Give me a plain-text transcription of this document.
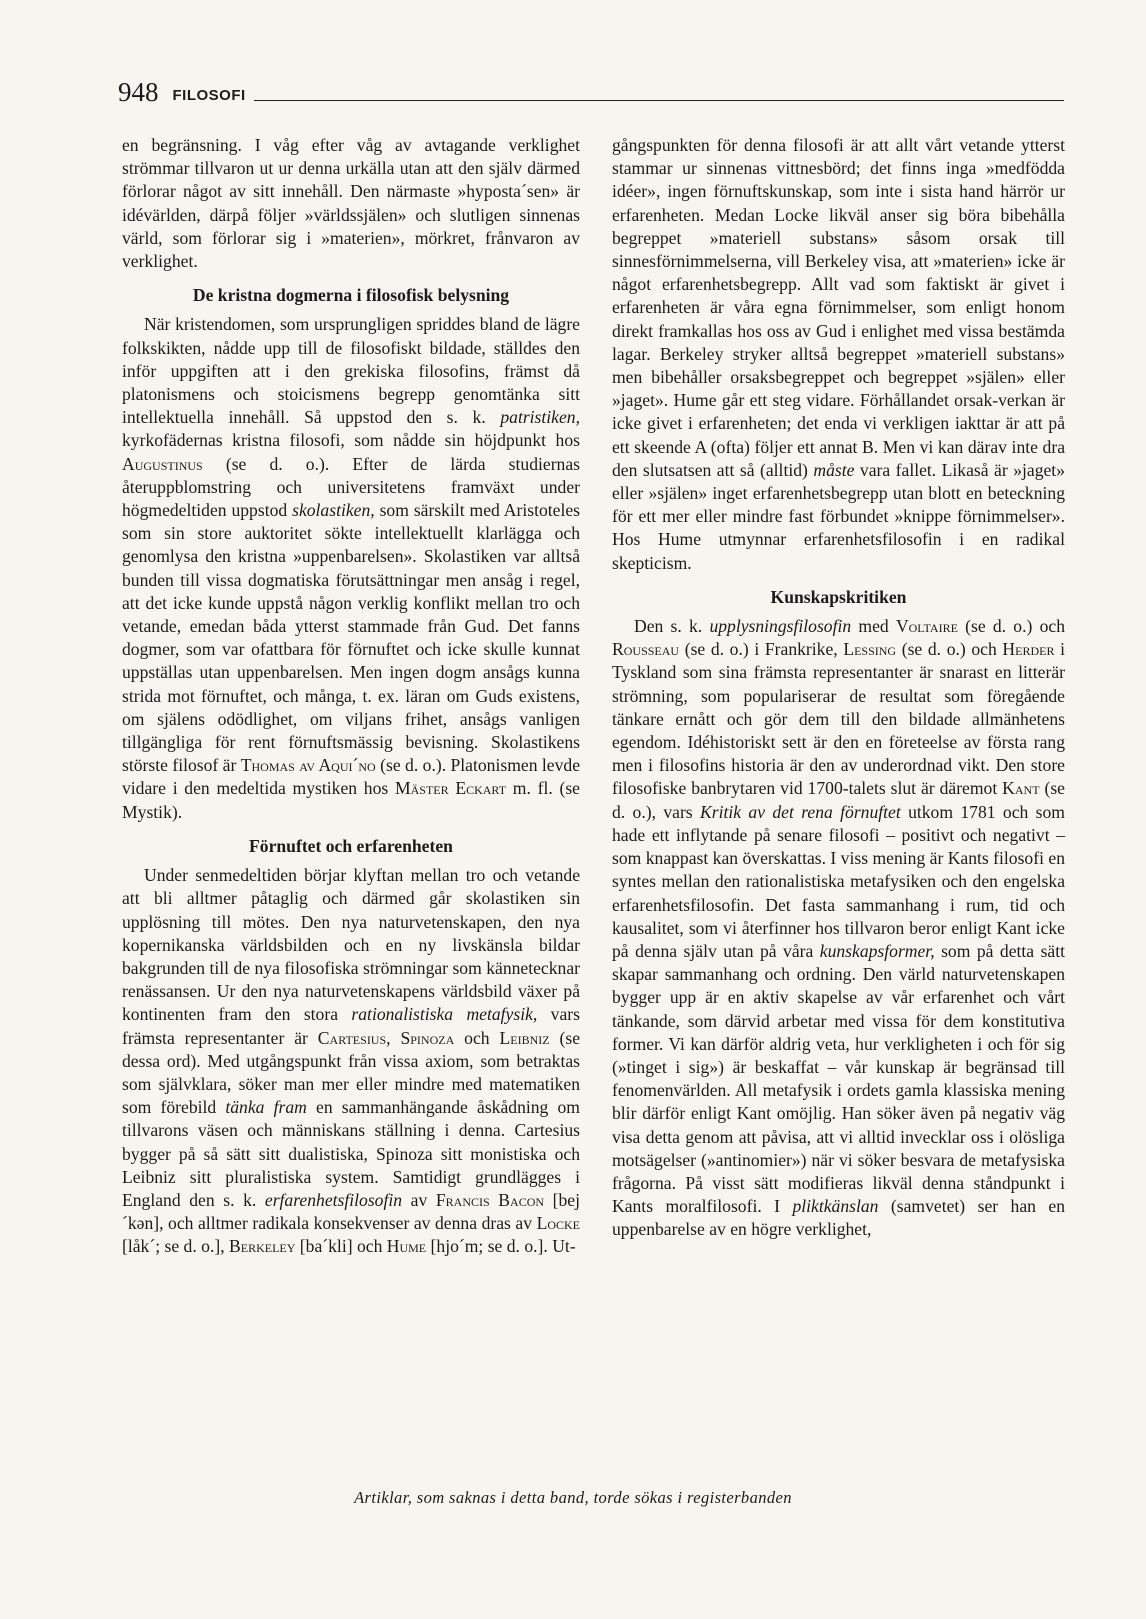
948 FILOSOFI

en begränsning. I våg efter våg av avtagande verklighet strömmar tillvaron ut ur denna urkälla utan att den själv därmed förlorar något av sitt innehåll. Den närmaste »hyposta´sen» är idévärlden, därpå följer »världssjälen» och slutligen sinnenas värld, som förlorar sig i »materien», mörkret, frånvaron av verklighet.

De kristna dogmerna i filosofisk belysning

När kristendomen, som ursprungligen spriddes bland de lägre folkskikten, nådde upp till de filosofiskt bildade, ställdes den inför uppgiften att i den grekiska filosofins, främst då platonismens och stoicismens begrepp genomtänka sitt intellektuella innehåll. Så uppstod den s. k. patristiken, kyrkofädernas kristna filosofi, som nådde sin höjdpunkt hos Augustinus (se d. o.). Efter de lärda studiernas återuppblomstring och universitetens framväxt under högmedeltiden uppstod skolastiken, som särskilt med Aristoteles som sin store auktoritet sökte intellektuellt klarlägga och genomlysa den kristna »uppenbarelsen». Skolastiken var alltså bunden till vissa dogmatiska förutsättningar men ansåg i regel, att det icke kunde uppstå någon verklig konflikt mellan tro och vetande, emedan båda ytterst stammade från Gud. Det fanns dogmer, som var ofattbara för förnuftet och icke skulle kunnat uppställas utan uppenbarelsen. Men ingen dogm ansågs kunna strida mot förnuftet, och många, t. ex. läran om Guds existens, om själens odödlighet, om viljans frihet, ansågs vanligen tillgängliga för rent förnuftsmässig bevisning. Skolastikens störste filosof är Thomas av Aqui´no (se d. o.). Platonismen levde vidare i den medeltida mystiken hos Mäster Eckart m. fl. (se Mystik).

Förnuftet och erfarenheten

Under senmedeltiden börjar klyftan mellan tro och vetande att bli alltmer påtaglig och därmed går skolastiken sin upplösning till mötes. Den nya naturvetenskapen, den nya kopernikanska världsbilden och en ny livskänsla bildar bakgrunden till de nya filosofiska strömningar som kännetecknar renässansen. Ur den nya naturvetenskapens världsbild växer på kontinenten fram den stora rationalistiska metafysik, vars främsta representanter är Cartesius, Spinoza och Leibniz (se dessa ord). Med utgångspunkt från vissa axiom, som betraktas som självklara, söker man mer eller mindre med matematiken som förebild tänka fram en sammanhängande åskådning om tillvarons väsen och människans ställning i denna. Cartesius bygger på så sätt sitt dualistiska, Spinoza sitt monistiska och Leibniz sitt pluralistiska system. Samtidigt grundlägges i England den s. k. erfarenhetsfilosofin av Francis Bacon [bej´kən], och alltmer radikala konsekvenser av denna dras av Locke [låk´; se d. o.], Berkeley [ba´kli] och Hume [hjo´m; se d. o.]. Ut-

gångspunkten för denna filosofi är att allt vårt vetande ytterst stammar ur sinnenas vittnesbörd; det finns inga »medfödda idéer», ingen förnuftskunskap, som inte i sista hand härrör ur erfarenheten. Medan Locke likväl anser sig böra bibehålla begreppet »materiell substans» såsom orsak till sinnesförnimmelserna, vill Berkeley visa, att »materien» icke är något erfarenhetsbegrepp. Allt vad som faktiskt är givet i erfarenheten är våra egna förnimmelser, som enligt honom direkt framkallas hos oss av Gud i enlighet med vissa bestämda lagar. Berkeley stryker alltså begreppet »materiell substans» men bibehåller orsaksbegreppet och begreppet »själen» eller »jaget». Hume går ett steg vidare. Förhållandet orsak-verkan är icke givet i erfarenheten; det enda vi verkligen iakttar är att på ett skeende A (ofta) följer ett annat B. Men vi kan därav inte dra den slutsatsen att så (alltid) måste vara fallet. Likaså är »jaget» eller »själen» inget erfarenhetsbegrepp utan blott en beteckning för ett mer eller mindre fast förbundet »knippe förnimmelser». Hos Hume utmynnar erfarenhetsfilosofin i en radikal skepticism.

Kunskapskritiken

Den s. k. upplysningsfilosofin med Voltaire (se d. o.) och Rousseau (se d. o.) i Frankrike, Lessing (se d. o.) och Herder i Tyskland som sina främsta representanter är snarast en litterär strömning, som populariserar de resultat som föregående tänkare ernått och gör dem till den bildade allmänhetens egendom. Idéhistoriskt sett är den en företeelse av första rang men i filosofins historia är den av underordnad vikt. Den store filosofiske banbrytaren vid 1700-talets slut är däremot Kant (se d. o.), vars Kritik av det rena förnuftet utkom 1781 och som hade ett inflytande på senare filosofi – positivt och negativt – som knappast kan överskattas. I viss mening är Kants filosofi en syntes mellan den rationalistiska metafysiken och den engelska erfarenhetsfilosofin. Det fasta sammanhang i rum, tid och kausalitet, som vi återfinner hos tillvaron beror enligt Kant icke på denna själv utan på våra kunskapsformer, som på detta sätt skapar sammanhang och ordning. Den värld naturvetenskapen bygger upp är en aktiv skapelse av vår erfarenhet och vårt tänkande, som därvid arbetar med vissa för dem konstitutiva former. Vi kan därför aldrig veta, hur verkligheten i och för sig (»tinget i sig») är beskaffat – vår kunskap är begränsad till fenomenvärlden. All metafysik i ordets gamla klassiska mening blir därför enligt Kant omöjlig. Han söker även på negativ väg visa detta genom att påvisa, att vi alltid invecklar oss i olösliga motsägelser (»antinomier») när vi söker besvara de metafysiska frågorna. På visst sätt modifieras likväl denna ståndpunkt i Kants moralfilosofi. I pliktkänslan (samvetet) ser han en uppenbarelse av en högre verklighet,

Artiklar, som saknas i detta band, torde sökas i registerbanden
